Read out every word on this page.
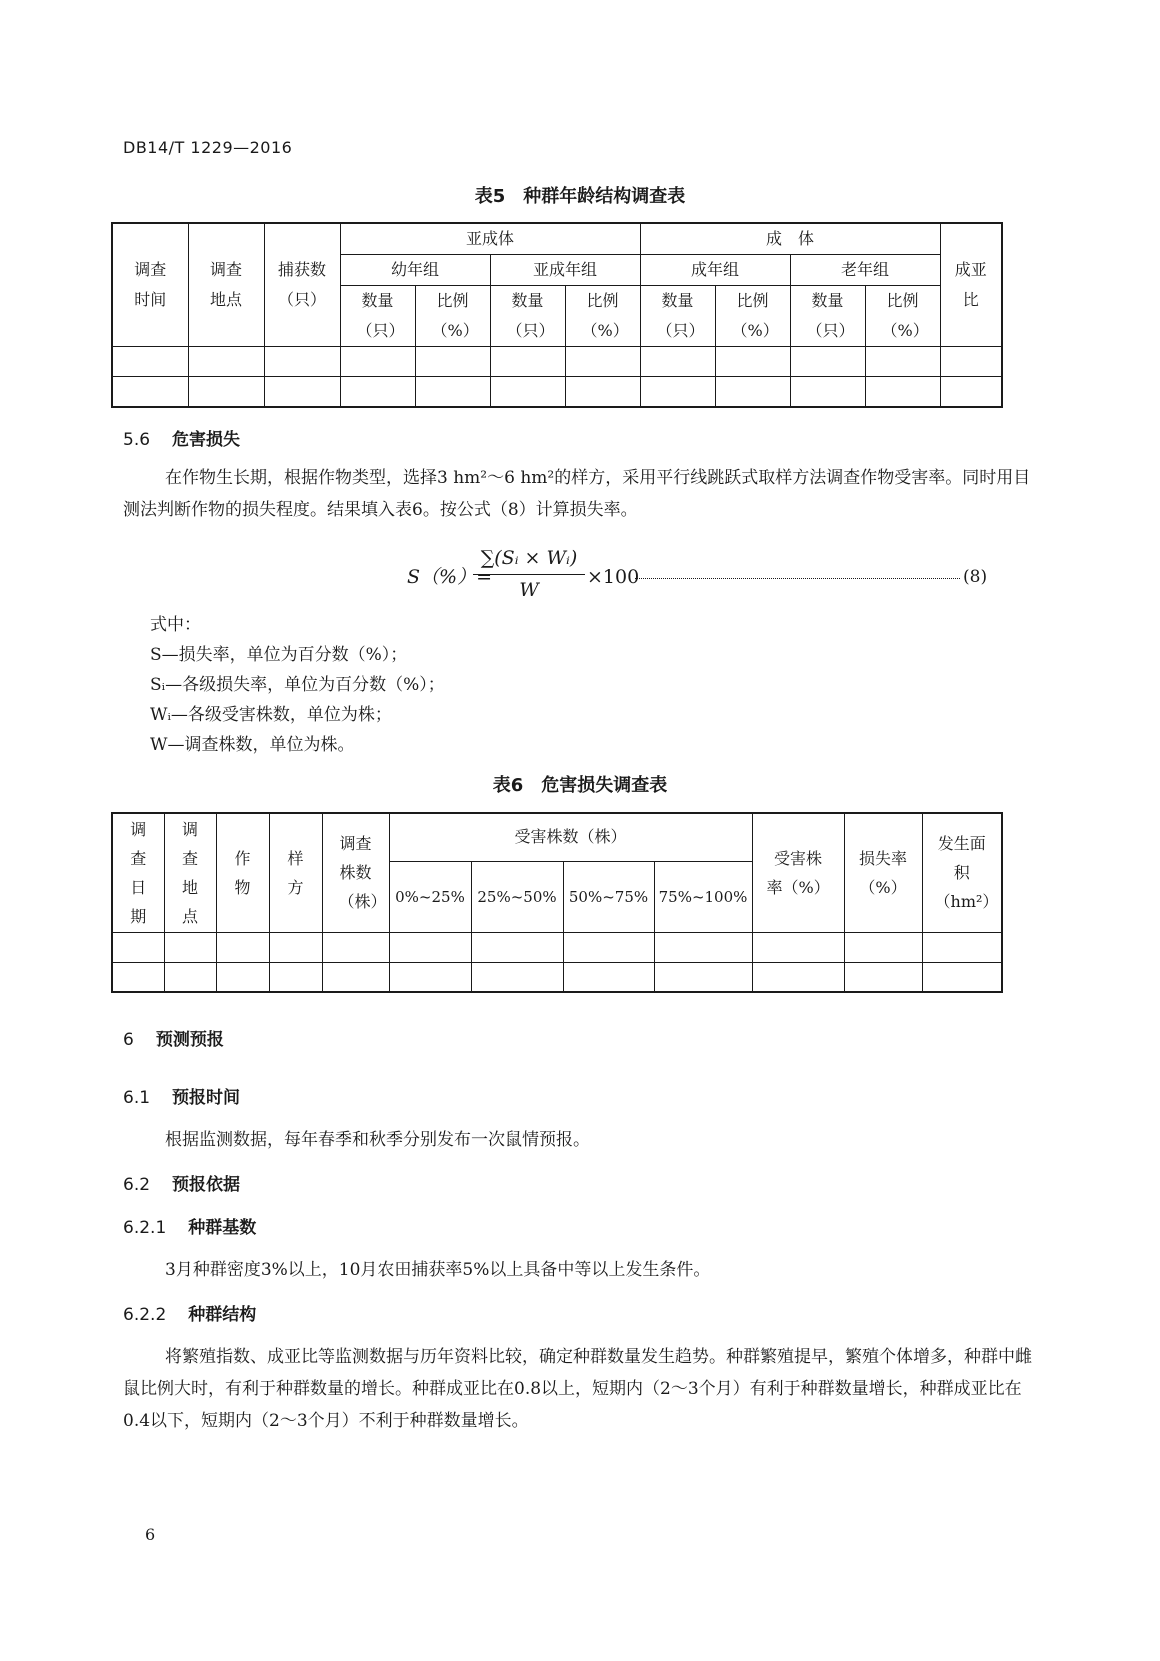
DB14/T 1229—2016
表5　种群年龄结构调查表
调查时间	调查地点	捕获数（只）	亚成体				成　体				成亚比
			幼年组		亚成年组		成年组		老年组		
			数量（只）	比例（%）	数量（只）	比例（%）	数量（只）	比例（%）	数量（只）	比例（%）	

5.6 危害损失
在作物生长期，根据作物类型，选择3 hm²～6 hm²的样方，采用平行线跳跃式取样方法调查作物受害率。同时用目测法判断作物的损失程度。结果填入表6。按公式（8）计算损失率。
S（%）=
∑(Sᵢ × Wᵢ)
W
×100	(8)
式中：
S—损失率，单位为百分数（%）；
Sᵢ—各级损失率，单位为百分数（%）；
Wᵢ—各级受害株数，单位为株；
W—调查株数，单位为株。
表6　危害损失调查表
调查日期	调查地点	作物	样方	调查株数（株）	受害株数（株）				受害株率（%）	损失率（%）	发生面积（hm²）
					0%~25%	25%~50%	50%~75%	75%~100%			

6 预测预报
6.1 预报时间
根据监测数据，每年春季和秋季分别发布一次鼠情预报。
6.2 预报依据
6.2.1 种群基数
3月种群密度3%以上，10月农田捕获率5%以上具备中等以上发生条件。
6.2.2 种群结构
将繁殖指数、成亚比等监测数据与历年资料比较，确定种群数量发生趋势。种群繁殖提早，繁殖个体增多，种群中雌鼠比例大时，有利于种群数量的增长。种群成亚比在0.8以上，短期内（2～3个月）有利于种群数量增长，种群成亚比在0.4以下，短期内（2～3个月）不利于种群数量增长。
6
